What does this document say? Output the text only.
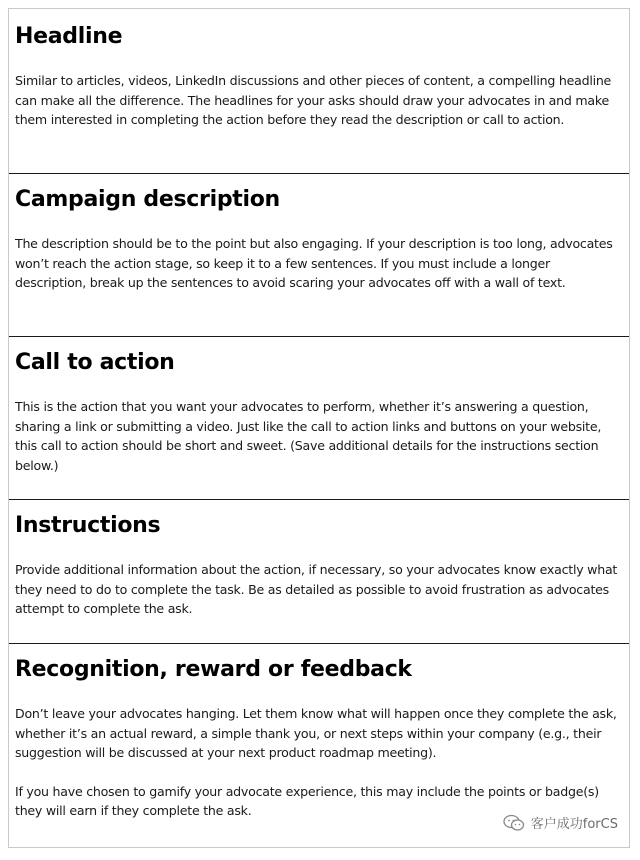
Headline

Similar to articles, videos, LinkedIn discussions and other pieces of content, a compelling headline can make all the difference. The headlines for your asks should draw your advocates in and make them interested in completing the action before they read the description or call to action.

Campaign description

The description should be to the point but also engaging. If your description is too long, advocates won’t reach the action stage, so keep it to a few sentences. If you must include a longer description, break up the sentences to avoid scaring your advocates off with a wall of text.

Call to action

This is the action that you want your advocates to perform, whether it’s answering a question, sharing a link or submitting a video. Just like the call to action links and buttons on your website, this call to action should be short and sweet. (Save additional details for the instructions section below.)

Instructions

Provide additional information about the action, if necessary, so your advocates know exactly what they need to do to complete the task. Be as detailed as possible to avoid frustration as advocates attempt to complete the ask.

Recognition, reward or feedback

Don’t leave your advocates hanging. Let them know what will happen once they complete the ask, whether it’s an actual reward, a simple thank you, or next steps within your company (e.g., their suggestion will be discussed at your next product roadmap meeting).

If you have chosen to gamify your advocate experience, this may include the points or badge(s) they will earn if they complete the ask.

客户成功forCS
